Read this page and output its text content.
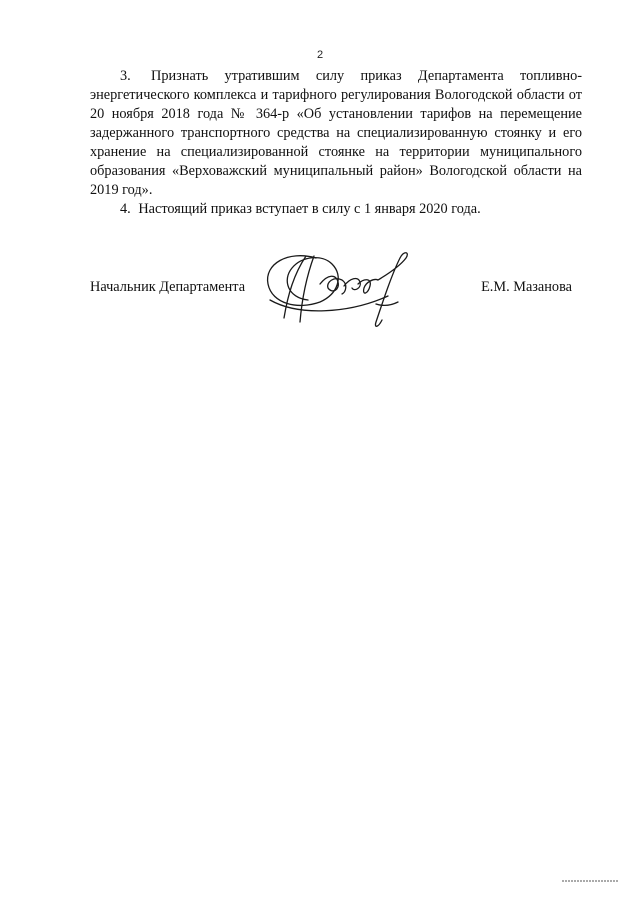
2

3. Признать утратившим силу приказ Департамента топливно-энергетического комплекса и тарифного регулирования Вологодской области от 20 ноября 2018 года № 364-р «Об установлении тарифов на перемещение задержанного транспортного средства на специализированную стоянку и его хранение на специализированной стоянке на территории муниципального образования «Верховажский муниципальный район» Вологодской области на 2019 год».

4. Настоящий приказ вступает в силу с 1 января 2020 года.

Начальник Департамента	Е.М. Мазанова
